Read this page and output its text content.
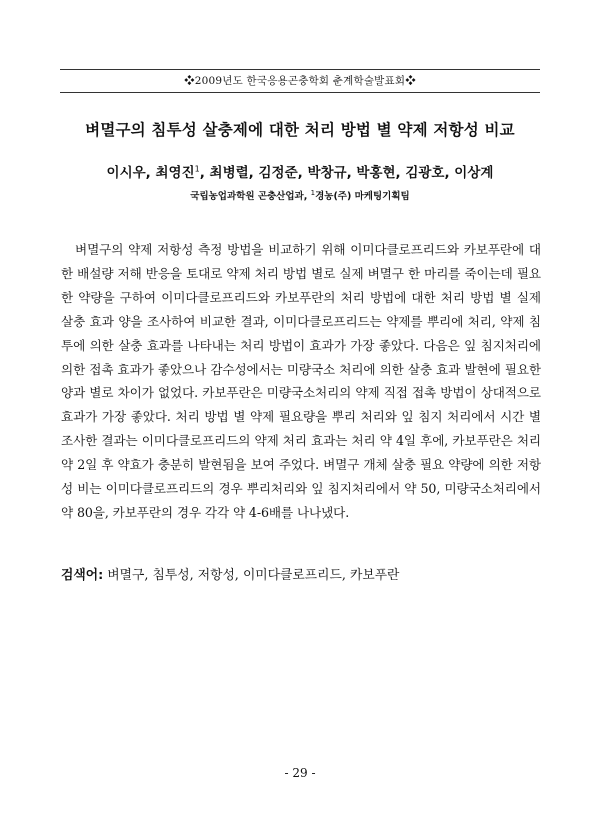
❖2009년도 한국응용곤충학회 춘계학술발표회❖
벼멸구의 침투성 살충제에 대한 처리 방법 별 약제 저항성 비교
이시우, 최영진$^1$, 최병렬, 김정준, 박창규, 박홍현, 김광호, 이상계
국립농업과학원 곤충산업과, $^1$경농(주) 마케팅기획팀

벼멸구의 약제 저항성 측정 방법을 비교하기 위해 이미다클로프리드와 카보푸란에 대한 배설량 저해 반응을 토대로 약제 처리 방법 별로 실제 벼멸구 한 마리를 죽이는데 필요한 약량을 구하여 이미다클로프리드와 카보푸란의 처리 방법에 대한 처리 방법 별 실제 살충 효과 양을 조사하여 비교한 결과, 이미다클로프리드는 약제를 뿌리에 처리, 약제 침투에 의한 살충 효과를 나타내는 처리 방법이 효과가 가장 좋았다. 다음은 잎 침지처리에 의한 접촉 효과가 좋았으나 감수성에서는 미량국소 처리에 의한 살충 효과 발현에 필요한 양과 별로 차이가 없었다. 카보푸란은 미량국소처리의 약제 직접 접촉 방법이 상대적으로 효과가 가장 좋았다. 처리 방법 별 약제 필요량을 뿌리 처리와 잎 침지 처리에서 시간 별 조사한 결과는 이미다클로프리드의 약제 처리 효과는 처리 약 4일 후에, 카보푸란은 처리 약 2일 후 약효가 충분히 발현됨을 보여 주었다. 벼멸구 개체 살충 필요 약량에 의한 저항성 비는 이미다클로프리드의 경우 뿌리처리와 잎 침지처리에서 약 50, 미량국소처리에서 약 80을, 카보푸란의 경우 각각 약 4-6배를 나나냈다.

검색어: 벼멸구, 침투성, 저항성, 이미다클로프리드, 카보푸란
- 29 -
